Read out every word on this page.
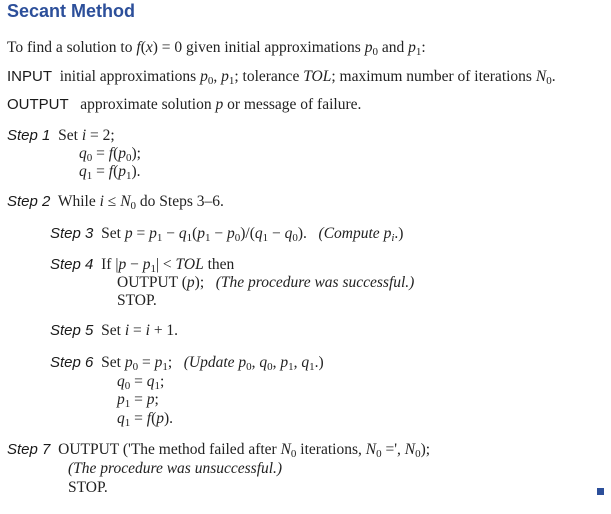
Secant Method
To find a solution to f(x) = 0 given initial approximations $p_0$ and $p_1$:
INPUT initial approximations $p_0$, $p_1$; tolerance TOL; maximum number of iterations $N_0$.
OUTPUT approximate solution p or message of failure.
Step 1 Set i = 2;
$q_0 = f(p_0)$;
$q_1 = f(p_1)$.
Step 2 While $i \le N_0$ do Steps 3–6.
Step 3 Set $p = p_1 - q_1(p_1 - p_0)/(q_1 - q_0)$.   (Compute $p_i$.)
Step 4 If $|p - p_1|$ < TOL then
OUTPUT (p);   (The procedure was successful.)
STOP.
Step 5 Set i = i + 1.
Step 6 Set $p_0 = p_1$;   (Update $p_0$, $q_0$, $p_1$, $q_1$.)
$q_0 = q_1$;
$p_1 = p$;
$q_1 = f(p)$.
Step 7 OUTPUT ('The method failed after $N_0$ iterations, $N_0$ =', $N_0$);
(The procedure was unsuccessful.)
STOP.
